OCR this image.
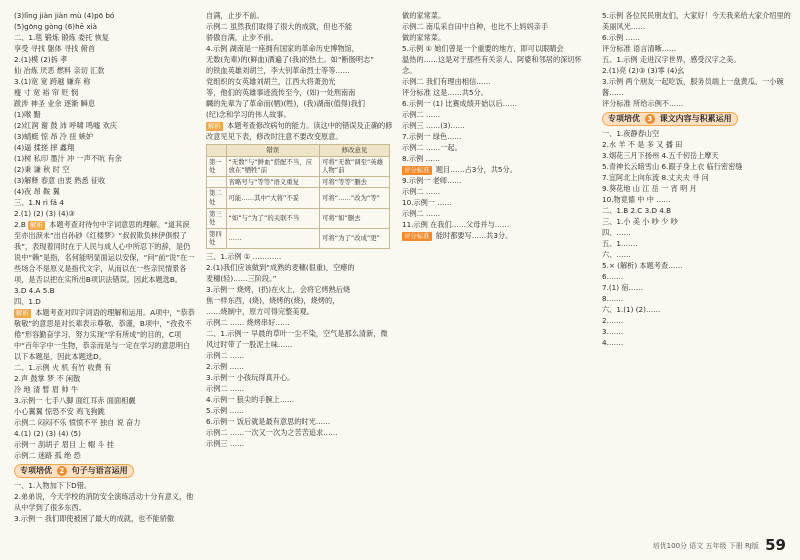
(3)lǐng jiàn jiàn mù (4)pō bó
(5)gōng gòng (6)hē xià
二、1.毯 锻炼 锻炼 委托 恢复
享受 寻找 躯体 寻找 俯首
2.(1)模 (2)拆 孝
仙 冶炼 厌恶 燃料 亲切 汇款
3.(1)宽 宽 跨越 嫌弃 称
瘦 寸 宽 裕 帘 贬 悯
跋涉 神圣 业余 逐渐 瞬息
(1)喉 黯
(2)红润 谢 鼓 沛 呼啸 鸣嘘 欢庆
(3)蜻蜓 惊 昂 冷 扭 嫉妒
(4)逼 揉搓 摔 鑫翔
(1)树 私印 墨汁 冲 一声不吭 有余
(2)秉 谦 秋 时 空
(3)解释 春意 由衷 熟悉 征收
(4)夜 昂 鞍 翼
三、1.N rì fǎ 4
2.(1) (2) (3) (4)③
2.B 解析 本题考查对待句中字词意思的理解。“道其淚至亦出淚未”出自孙砂《红楼梦》“叔叔欺负林伊俱恨了我”，表现着同时在于人民与成人心中所忍下的辞，是仍说中“赖”是指，名何能明显面运以安保，“问”前“说”在一些场合不是原义是指代文字，从而以在一些亲民情景各项，是否以把在实所出B项识法错误。因此本题选B。
3.D 4.A 5.B
四、1.D
解析 本题考查对四字词语的理解和运用。A项中，“恭恭敬敬”的意思是对长辈表示尊敬、恭谨，B项中，“孜孜不倦”形容勤奋学习、努力实现“学有所成”的目的，C项中“百年字中一生物，恭亲而是与一定在学习的意思明白以下本题是，因此本题选D。
二、1.示例 火 机 有竹 收费 有
2.声 鼓掌 梦 不 闲散
冷 地 清 暂 眉 帅 牛
3.示例一 七手八脚 面红耳赤 面面相觑
小心翼翼 惊恐不安 鸡飞狗跳
示例二 闷闷不乐 愤愤不平 独自 说 奋力
4.(1) (2) (3) (4) (5)
示例一 刮胡子 眉目 上 帽 斗 挂
示例二 迷路 孤 绝 恐
专项培优 2 句子与语言运用
一、1.入物加下下D错。
2.弟弟说，今天学校的消防安全演练活动十分有意义，他从中学到了很多东西。
3.示例一 我们即使被困了最大的成就，也不能骄傲
自满，止步不前。
示例二 虽然我们取得了很大的成就，但也不能
骄傲自满，止步不前。
4.示例 湖南是一座拥有国家的革命历史博物馆，
无数(先辈)的(鲜血)洒遍了(我)的热土。如“断肠明志”
的铁血英雄刘胡兰，李大钊革命烈士等等……
党组织的女英雄刘胡兰，江西大将萧劲光
等，他们的英雄事迹流传至今，(如)一处刑南南
麟的先辈为了革命而(牺)(牲)，(我)湖南(值得)我们
(纪)念和学习的伟人故事。
解析 本题考查修改病句的能力。读这中的错误及正确的修改意见见下表，修改时注意不要改变原意。
	错误	修改意见
第一处	“无数”与“鲜血”搭配不当，应放在“牺牲”前	可将“无数”调至“英雄人物”前
	省略号与“等等”语义重复	可将“等等”删去
第二处	可能……其中“大将”不妥	可将“……”改为“等”
第三处	“如”与“为了”的关联不当	可将“如”删去
第四处	……	可将“为了”改成“更”
三、1.示例 ① …………
2.(1)我们应该做到“成熟的麦穗(很重)，空瘪的
麦穗(轻)……三阶段。”
3.示例一 烧烤，(扔)在火上，会将它烤熟后烧
焦一样东西，(烧)，烧烤的(烧)，烧烤的，
……烧制中，原方可得完整美观。
示例二 …… 烧烤串好……
二、1.示例一 早晨的草叶一尘不染，空气是那么清新，微风过时带了一股泥土味……
示例二 ……
2.示例 ……
3.示例一 小孩玩得真开心。
示例二 ……
4.示例一 狼尖的手腕上……
5.示例 ……
6.示例一 饭后就是最有意思的时光……
示例二 ……一次又一次为之苦苦追求……
示例三 ……
做的家常菜。
示例二 南瓜采自田中自种，也比不上妈妈亲手
做的家常菜。
5.示例 ① 她们曾是一个重要的地方，即可以眼睛会
温热的……这是对于那些有关亲人、阿婆和邻居的深切怀念。
示例二 我们有理由相信……
评分标准 这是……共5分。
6.示例一 (1) 比赛成绩开始以后……
示例二 ……
示例三 ……(3)……
7.示例一 绿色……
示例二 ……一起。
8.示例 ……
评分标准 题目……占3分，共5分。
9.示例一 老师……
示例二 ……
10.示例一 ……
示例二 ……
11.示例 在我们……父母并与……
评分标准 能时都要写……共3分。
5.示例 各位民民朋友们，大家好！今天我来给大家介绍里的美丽风光……
6.示例 ……
评分标准 语言清晰……
五、1.示例 走进汉字世界，感受汉字之美。
2.(1)亮 (2)③ (3)零 (4)幺
3.示例 两个朋友一起吃饭，服务员端上一盘黄瓜、一小碗酱……
评分标准 所给示例不……
专项培优 3 课文内容与积累运用
一、1.夜静春山空
2.水 羊 不 是 多 又 播 田
3.烟花三月下扬州 4.五千仞岳上摩天
5.青神长云暗雪山 6.跟子身上衣 临行密密缝
7.宜阿北上向东流 8.丈夫夫 寻 问
9.葵花地 山 江 岳 一 宵 明 月
10.物竟德 中 中 ……
二、1.B 2.C 3.D 4.B
三、1.小 美 小 吵 少 吵
四、……
五、1.……
六、……
5.× (解析) 本题考查……
6.……
7.(1) 宿……
8.……
六、1.(1) (2)……
2.……
3.……
4.……
培优100分 语文 五年级 下册 RJ版 59
